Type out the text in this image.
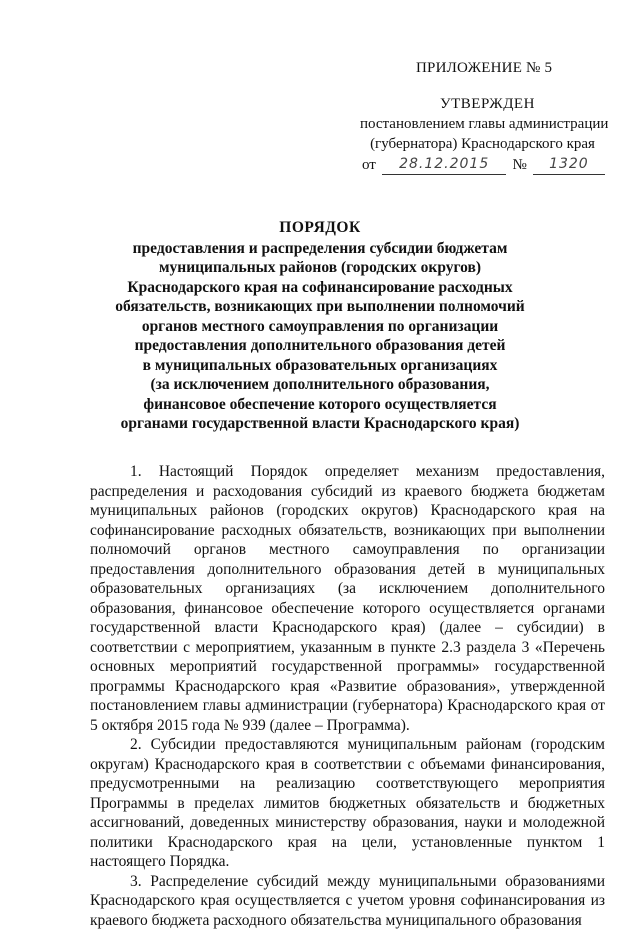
ПРИЛОЖЕНИЕ № 5
УТВЕРЖДЕН
постановлением главы администрации
(губернатора) Краснодарского края
от	28.12.2015	№	1320
ПОРЯДОК
предоставления и распределения субсидии бюджетам
муниципальных районов (городских округов)
Краснодарского края на софинансирование расходных
обязательств, возникающих при выполнении полномочий
органов местного самоуправления по организации
предоставления дополнительного образования детей
в муниципальных образовательных организациях
(за исключением дополнительного образования,
финансовое обеспечение которого осуществляется
органами государственной власти Краснодарского края)

1. Настоящий Порядок определяет механизм предоставления, распределения и расходования субсидий из краевого бюджета бюджетам муниципальных районов (городских округов) Краснодарского края на софинансирование расходных обязательств, возникающих при выполнении полномочий органов местного самоуправления по организации предоставления дополнительного образования детей в муниципальных образовательных организациях (за исключением дополнительного образования, финансовое обеспечение которого осуществляется органами государственной власти Краснодарского края) (далее – субсидии) в соответствии с мероприятием, указанным в пункте 2.3 раздела 3 «Перечень основных мероприятий государственной программы» государственной программы Краснодарского края «Развитие образования», утвержденной постановлением главы администрации (губернатора) Краснодарского края от 5 октября 2015 года № 939 (далее – Программа).

2. Субсидии предоставляются муниципальным районам (городским округам) Краснодарского края в соответствии с объемами финансирования, предусмотренными на реализацию соответствующего мероприятия Программы в пределах лимитов бюджетных обязательств и бюджетных ассигнований, доведенных министерству образования, науки и молодежной политики Краснодарского края на цели, установленные пунктом 1 настоящего Порядка.

3. Распределение субсидий между муниципальными образованиями Краснодарского края осуществляется с учетом уровня софинансирования из краевого бюджета расходного обязательства муниципального образования
